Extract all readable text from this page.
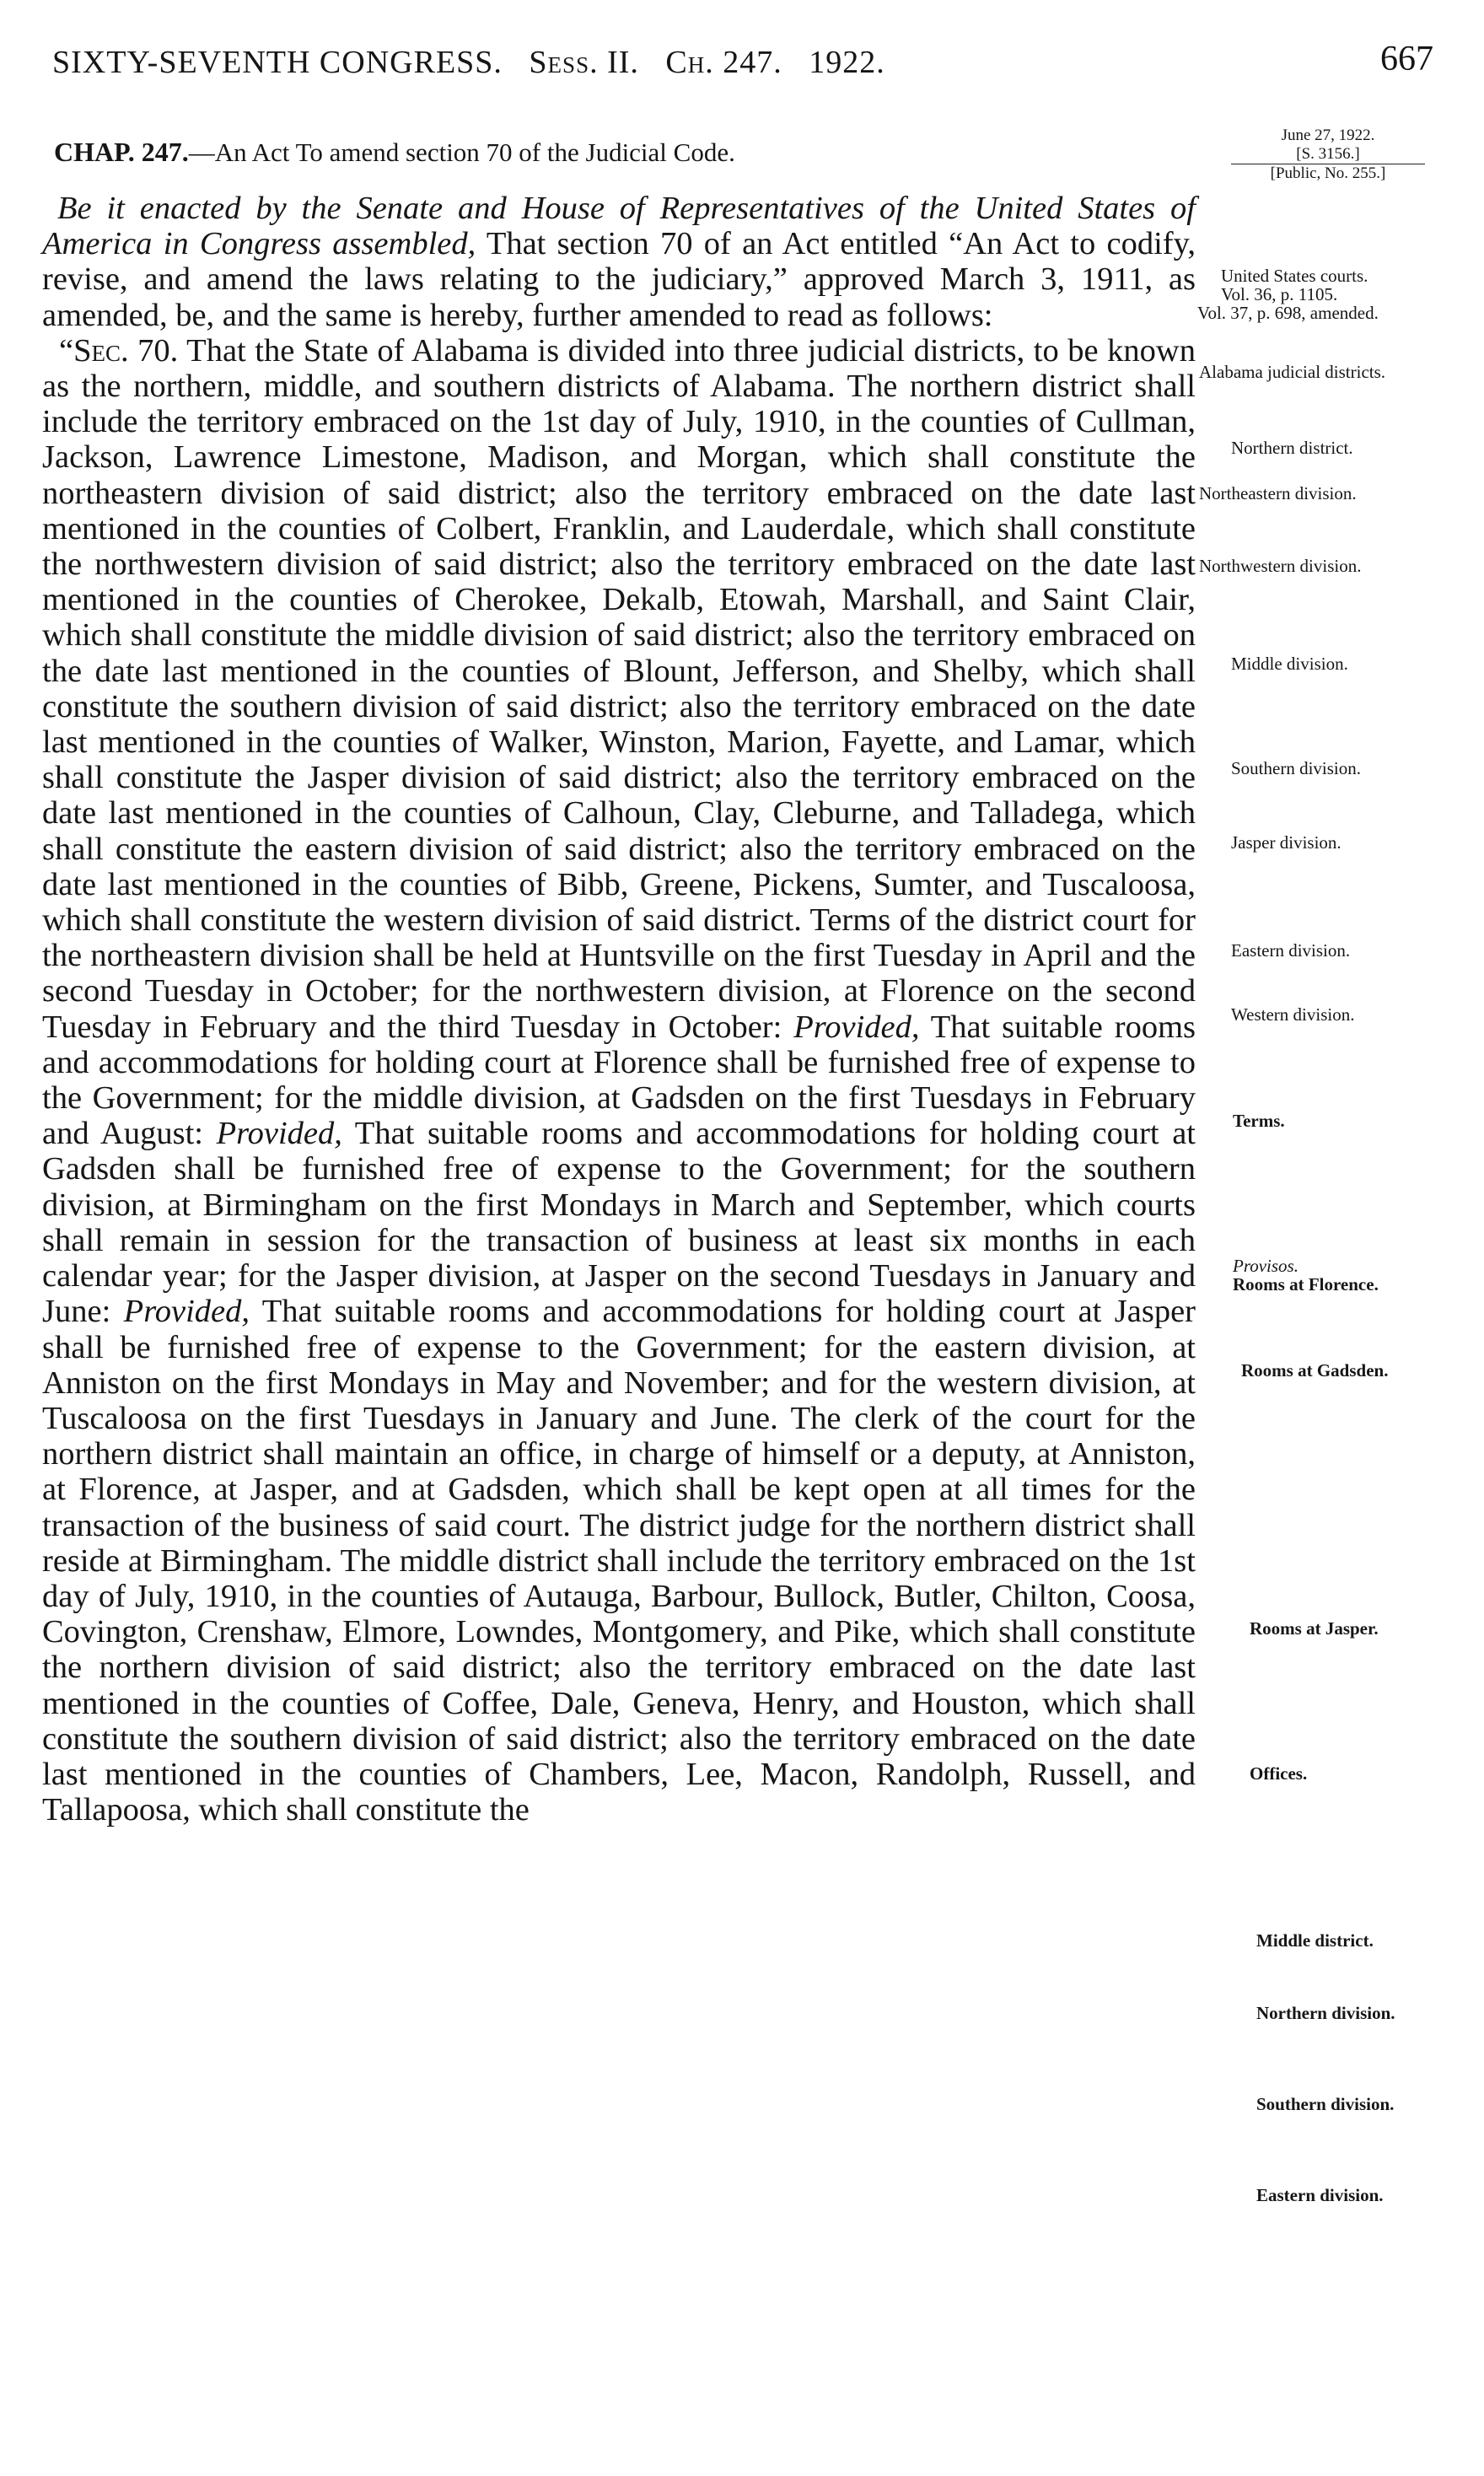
SIXTY-SEVENTH CONGRESS. Sess. II. Ch. 247. 1922.	667
CHAP. 247.—An Act To amend section 70 of the Judicial Code.
June 27, 1922.
[S. 3156.]
[Public, No. 255.]

Be it enacted by the Senate and House of Representatives of the United States of America in Congress assembled, That section 70 of an Act entitled “An Act to codify, revise, and amend the laws relating to the judiciary,” approved March 3, 1911, as amended, be, and the same is hereby, further amended to read as follows:

“Sec. 70. That the State of Alabama is divided into three judicial districts, to be known as the northern, middle, and southern districts of Alabama. The northern district shall include the territory embraced on the 1st day of July, 1910, in the counties of Cullman, Jackson, Lawrence Limestone, Madison, and Morgan, which shall constitute the northeastern division of said district; also the territory embraced on the date last mentioned in the counties of Colbert, Franklin, and Lauderdale, which shall constitute the northwestern division of said district; also the territory embraced on the date last mentioned in the counties of Cherokee, Dekalb, Etowah, Marshall, and Saint Clair, which shall constitute the middle division of said district; also the territory embraced on the date last mentioned in the counties of Blount, Jefferson, and Shelby, which shall constitute the southern division of said district; also the territory embraced on the date last mentioned in the counties of Walker, Winston, Marion, Fayette, and Lamar, which shall constitute the Jasper division of said district; also the territory embraced on the date last mentioned in the counties of Calhoun, Clay, Cleburne, and Talladega, which shall constitute the eastern division of said district; also the territory embraced on the date last mentioned in the counties of Bibb, Greene, Pickens, Sumter, and Tuscaloosa, which shall constitute the western division of said district. Terms of the district court for the northeastern division shall be held at Huntsville on the first Tuesday in April and the second Tuesday in October; for the northwestern division, at Florence on the second Tuesday in February and the third Tuesday in October: Provided, That suitable rooms and accommodations for holding court at Florence shall be furnished free of expense to the Government; for the middle division, at Gadsden on the first Tuesdays in February and August: Provided, That suitable rooms and accommodations for holding court at Gadsden shall be furnished free of expense to the Government; for the southern division, at Birmingham on the first Mondays in March and September, which courts shall remain in session for the transaction of business at least six months in each calendar year; for the Jasper division, at Jasper on the second Tuesdays in January and June: Provided, That suitable rooms and accommodations for holding court at Jasper shall be furnished free of expense to the Government; for the eastern division, at Anniston on the first Mondays in May and November; and for the western division, at Tuscaloosa on the first Tuesdays in January and June. The clerk of the court for the northern district shall maintain an office, in charge of himself or a deputy, at Anniston, at Florence, at Jasper, and at Gadsden, which shall be kept open at all times for the transaction of the business of said court. The district judge for the northern district shall reside at Birmingham. The middle district shall include the territory embraced on the 1st day of July, 1910, in the counties of Autauga, Barbour, Bullock, Butler, Chilton, Coosa, Covington, Crenshaw, Elmore, Lowndes, Montgomery, and Pike, which shall constitute the northern division of said district; also the territory embraced on the date last mentioned in the counties of Coffee, Dale, Geneva, Henry, and Houston, which shall constitute the southern division of said district; also the territory embraced on the date last mentioned in the counties of Chambers, Lee, Macon, Randolph, Russell, and Tallapoosa, which shall constitute the

United States courts.
Vol. 36, p. 1105.
Vol. 37, p. 698, amended.
Alabama judicial districts.
Northern district.
Northeastern division.
Northwestern division.
Middle division.
Southern division.
Jasper division.
Eastern division.
Western division.
Terms.
Provisos.
Rooms at Florence.
Rooms at Gadsden.
Rooms at Jasper.
Offices.
Middle district.
Northern division.
Southern division.
Eastern division.
